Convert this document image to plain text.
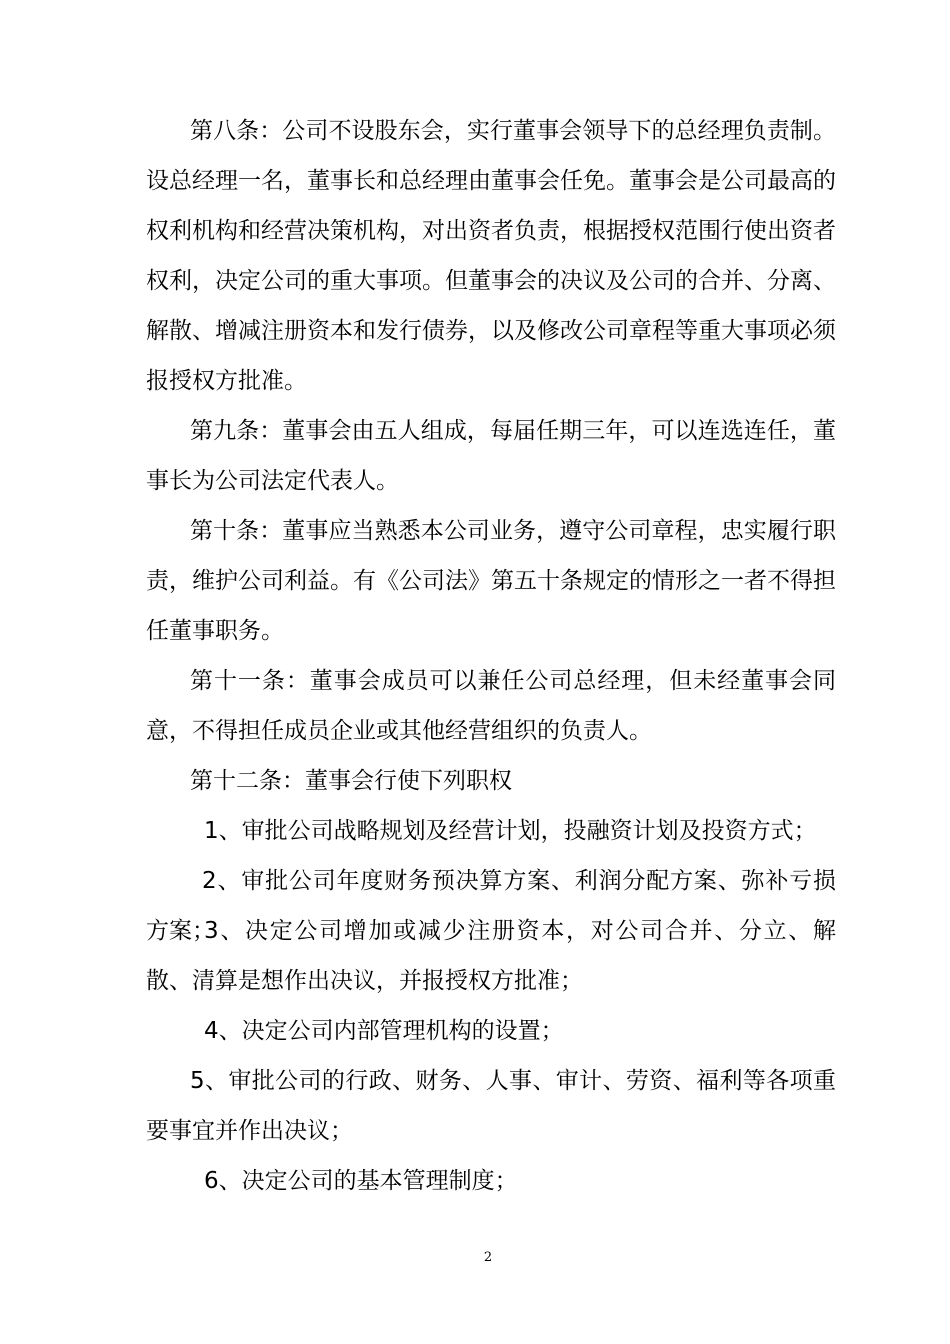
第八条：公司不设股东会，实行董事会领导下的总经理负责制。设总经理一名，董事长和总经理由董事会任免。董事会是公司最高的权利机构和经营决策机构，对出资者负责，根据授权范围行使出资者权利，决定公司的重大事项。但董事会的决议及公司的合并、分离、解散、增减注册资本和发行债券，以及修改公司章程等重大事项必须报授权方批准。

第九条：董事会由五人组成，每届任期三年，可以连选连任，董事长为公司法定代表人。

第十条：董事应当熟悉本公司业务，遵守公司章程，忠实履行职责，维护公司利益。有《公司法》第五十条规定的情形之一者不得担任董事职务。

第十一条：董事会成员可以兼任公司总经理，但未经董事会同意，不得担任成员企业或其他经营组织的负责人。

第十二条：董事会行使下列职权

1、审批公司战略规划及经营计划，投融资计划及投资方式；

2、审批公司年度财务预决算方案、利润分配方案、弥补亏损方案；

3、决定公司增加或减少注册资本，对公司合并、分立、解散、清算是想作出决议，并报授权方批准；

4、决定公司内部管理机构的设置；

5、审批公司的行政、财务、人事、审计、劳资、福利等各项重要事宜并作出决议；

6、决定公司的基本管理制度；

2
